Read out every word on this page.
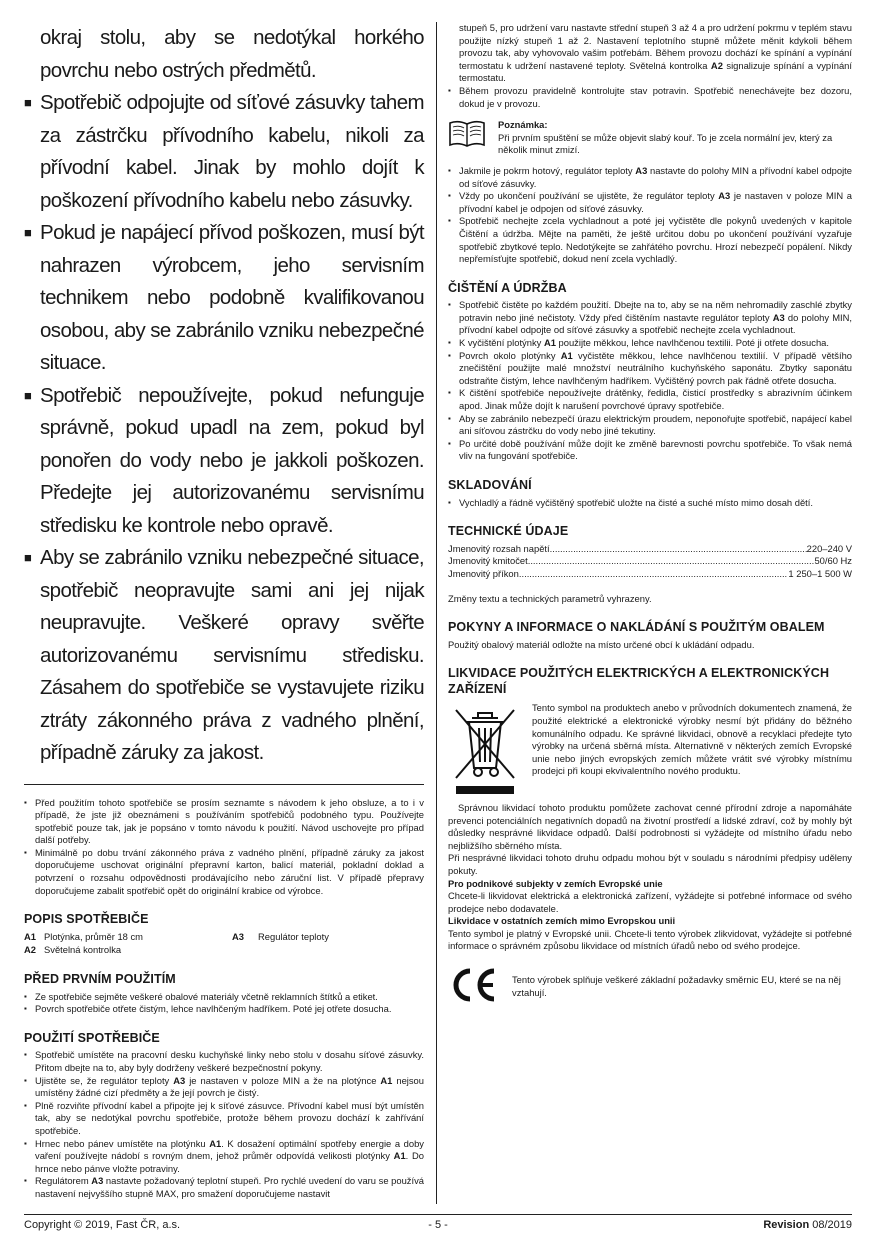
okraj stolu, aby se nedotýkal horkého povrchu nebo ostrých předmětů.
■ Spotřebič odpojujte od síťové zásuvky tahem za zástrčku přívodního kabelu, nikoli za přívodní kabel. Jinak by mohlo dojít k poškození přívodního kabelu nebo zásuvky.
■ Pokud je napájecí přívod poškozen, musí být nahrazen výrobcem, jeho servisním technikem nebo podobně kvalifikovanou osobou, aby se zabránilo vzniku nebezpečné situace.
■ Spotřebič nepoužívejte, pokud nefunguje správně, pokud upadl na zem, pokud byl ponořen do vody nebo je jakkoli poškozen. Předejte jej autorizovanému servisnímu středisku ke kontrole nebo opravě.
■ Aby se zabránilo vzniku nebezpečné situace, spotřebič neopravujte sami ani jej nijak neupravujte. Veškeré opravy svěřte autorizovanému servisnímu středisku. Zásahem do spotřebiče se vystavujete riziku ztráty zákonného práva z vadného plnění, případně záruky za jakost.
▪ Před použitím tohoto spotřebiče se prosím seznamte s návodem k jeho obsluze, a to i v případě, že jste již obeznámeni s používáním spotřebičů podobného typu. Používejte spotřebič pouze tak, jak je popsáno v tomto návodu k použití. Návod uschovejte pro případ další potřeby.
▪ Minimálně po dobu trvání zákonného práva z vadného plnění, případně záruky za jakost doporučujeme uschovat originální přepravní karton, balicí materiál, pokladní doklad a potvrzení o rozsahu odpovědnosti prodávajícího nebo záruční list. V případě přepravy doporučujeme zabalit spotřebič opět do originální krabice od výrobce.
POPIS SPOTŘEBIČE
A1 Plotýnka, průměr 18 cm	A3	Regulátor teploty
A2 Světelná kontrolka
PŘED PRVNÍM POUŽITÍM
▪ Ze spotřebiče sejměte veškeré obalové materiály včetně reklamních štítků a etiket.
▪ Povrch spotřebiče otřete čistým, lehce navlhčeným hadříkem. Poté jej otřete dosucha.
POUŽITÍ SPOTŘEBIČE
▪ Spotřebič umístěte na pracovní desku kuchyňské linky nebo stolu v dosahu síťové zásuvky. Přitom dbejte na to, aby byly dodrženy veškeré bezpečnostní pokyny.
▪ Ujistěte se, že regulátor teploty A3 je nastaven v poloze MIN a že na plotýnce A1 nejsou umístěny žádné cizí předměty a že její povrch je čistý.
▪ Plně rozviňte přívodní kabel a připojte jej k síťové zásuvce. Přívodní kabel musí být umístěn tak, aby se nedotýkal povrchu spotřebiče, protože během provozu dochází k zahřívání spotřebiče.
▪ Hrnec nebo pánev umístěte na plotýnku A1. K dosažení optimální spotřeby energie a doby vaření používejte nádobí s rovným dnem, jehož průměr odpovídá velikosti plotýnky A1. Do hrnce nebo pánve vložte potraviny.
▪ Regulátorem A3 nastavte požadovaný teplotní stupeň. Pro rychlé uvedení do varu se používá nastavení nejvyššího stupně MAX, pro smažení doporučujeme nastavit
stupeň 5, pro udržení varu nastavte střední stupeň 3 až 4 a pro udržení pokrmu v teplém stavu použijte nízký stupeň 1 až 2. Nastavení teplotního stupně můžete měnit kdykoli během provozu tak, aby vyhovovalo vašim potřebám. Během provozu dochází ke spínání a vypínání termostatu k udržení nastavené teploty. Světelná kontrolka A2 signalizuje spínání a vypínání termostatu.
▪ Během provozu pravidelně kontrolujte stav potravin. Spotřebič nenechávejte bez dozoru, dokud je v provozu.
Poznámka:
Při prvním spuštění se může objevit slabý kouř. To je zcela normální jev, který za několik minut zmizí.
▪ Jakmile je pokrm hotový, regulátor teploty A3 nastavte do polohy MIN a přívodní kabel odpojte od síťové zásuvky.
▪ Vždy po ukončení používání se ujistěte, že regulátor teploty A3 je nastaven v poloze MIN a přívodní kabel je odpojen od síťové zásuvky.
▪ Spotřebič nechejte zcela vychladnout a poté jej vyčistěte dle pokynů uvedených v kapitole Čištění a údržba. Mějte na paměti, že ještě určitou dobu po ukončení používání vyzařuje spotřebič zbytkové teplo. Nedotýkejte se zahřátého povrchu. Hrozí nebezpečí popálení. Nikdy nepřemísťujte spotřebič, dokud není zcela vychladlý.
ČIŠTĚNÍ A ÚDRŽBA
▪ Spotřebič čistěte po každém použití. Dbejte na to, aby se na něm nehromadily zaschlé zbytky potravin nebo jiné nečistoty. Vždy před čištěním nastavte regulátor teploty A3 do polohy MIN, přívodní kabel odpojte od síťové zásuvky a spotřebič nechejte zcela vychladnout.
▪ K vyčištění plotýnky A1 použijte měkkou, lehce navlhčenou textilii. Poté ji otřete dosucha.
▪ Povrch okolo plotýnky A1 vyčistěte měkkou, lehce navlhčenou textilií. V případě většího znečištění použijte malé množství neutrálního kuchyňského saponátu. Zbytky saponátu odstraňte čistým, lehce navlhčeným hadříkem. Vyčištěný povrch pak řádně otřete dosucha.
▪ K čištění spotřebiče nepoužívejte drátěnky, ředidla, čisticí prostředky s abrazivním účinkem apod. Jinak může dojít k narušení povrchové úpravy spotřebiče.
▪ Aby se zabránilo nebezpečí úrazu elektrickým proudem, neponořujte spotřebič, napájecí kabel ani síťovou zástrčku do vody nebo jiné tekutiny.
▪ Po určité době používání může dojít ke změně barevnosti povrchu spotřebiče. To však nemá vliv na fungování spotřebiče.
SKLADOVÁNÍ
▪ Vychladlý a řádně vyčištěný spotřebič uložte na čisté a suché místo mimo dosah dětí.
TECHNICKÉ ÚDAJE
Jmenovitý rozsah napětí .....	220–240 V
Jmenovitý kmitočet .....	50/60 Hz
Jmenovitý příkon .....	1 250–1 500 W
Změny textu a technických parametrů vyhrazeny.
POKYNY A INFORMACE O NAKLÁDÁNÍ S POUŽITÝM OBALEM
Použitý obalový materiál odložte na místo určené obcí k ukládání odpadu.
LIKVIDACE POUŽITÝCH ELEKTRICKÝCH A ELEKTRONICKÝCH ZAŘÍZENÍ
Tento symbol na produktech anebo v průvodních dokumentech znamená, že použité elektrické a elektronické výrobky nesmí být přidány do běžného komunálního odpadu. Ke správné likvidaci, obnově a recyklaci předejte tyto výrobky na určená sběrná místa. Alternativně v některých zemích Evropské unie nebo jiných evropských zemích můžete vrátit své výrobky místnímu prodejci při koupi ekvivalentního nového produktu.
Správnou likvidací tohoto produktu pomůžete zachovat cenné přírodní zdroje a napomáháte prevenci potenciálních negativních dopadů na životní prostředí a lidské zdraví, což by mohly být důsledky nesprávné likvidace odpadů. Další podrobnosti si vyžádejte od místního úřadu nebo nejbližšího sběrného místa.
Při nesprávné likvidaci tohoto druhu odpadu mohou být v souladu s národními předpisy uděleny pokuty.
Pro podnikové subjekty v zemích Evropské unie
Chcete-li likvidovat elektrická a elektronická zařízení, vyžádejte si potřebné informace od svého prodejce nebo dodavatele.
Likvidace v ostatních zemích mimo Evropskou unii
Tento symbol je platný v Evropské unii. Chcete-li tento výrobek zlikvidovat, vyžádejte si potřebné informace o správném způsobu likvidace od místních úřadů nebo od svého prodejce.
Tento výrobek splňuje veškeré základní požadavky směrnic EU, které se na něj vztahují.
Copyright © 2019, Fast ČR, a.s.	- 5 -	Revision 08/2019
